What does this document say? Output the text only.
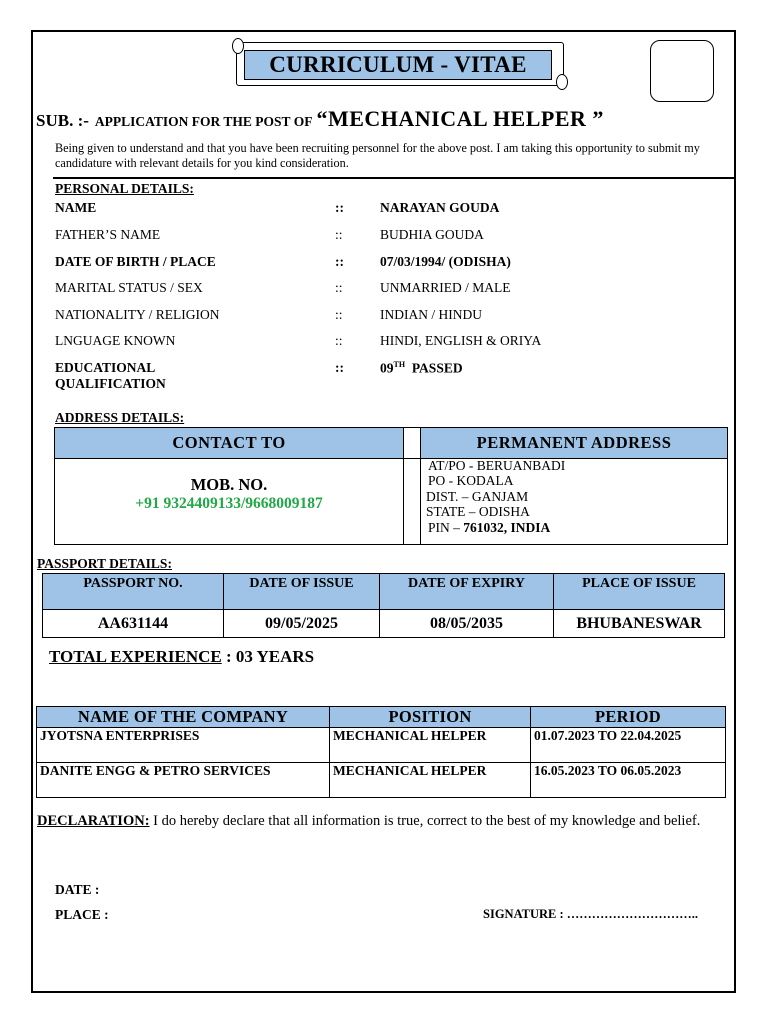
CURRICULUM - VITAE
SUB. :- APPLICATION FOR THE POST OF “MECHANICAL HELPER ”
Being given to understand and that you have been recruiting personnel for the above post. I am taking this opportunity to submit my candidature with relevant details for you kind consideration.
PERSONAL DETAILS:
NAME	::	NARAYAN GOUDA
FATHER’S NAME	::	BUDHIA GOUDA
DATE OF BIRTH / PLACE	::	07/03/1994/ (ODISHA)
MARITAL STATUS / SEX	::	UNMARRIED / MALE
NATIONALITY / RELIGION	::	INDIAN / HINDU
LNGUAGE KNOWN	::	HINDI, ENGLISH & ORIYA
EDUCATIONAL
QUALIFICATION
::	09TH PASSED
ADDRESS DETAILS:
CONTACT TO	PERMANENT ADDRESS
MOB. NO.
+91 9324409133/9668009187
AT/PO - BERUANBADI
PO - KODALA
DIST. – GANJAM
STATE – ODISHA
PIN – 761032, INDIA
PASSPORT DETAILS:
PASSPORT NO.	DATE OF ISSUE	DATE OF EXPIRY	PLACE OF ISSUE
AA631144	09/05/2025	08/05/2035	BHUBANESWAR
TOTAL EXPERIENCE : 03 YEARS
NAME OF THE COMPANY	POSITION	PERIOD
JYOTSNA ENTERPRISES	MECHANICAL HELPER	01.07.2023 TO 22.04.2025
DANITE ENGG & PETRO SERVICES	MECHANICAL HELPER	16.05.2023 TO 06.05.2023
DECLARATION: I do hereby declare that all information is true, correct to the best of my knowledge and belief.
DATE :
PLACE :	SIGNATURE : …………………………..
